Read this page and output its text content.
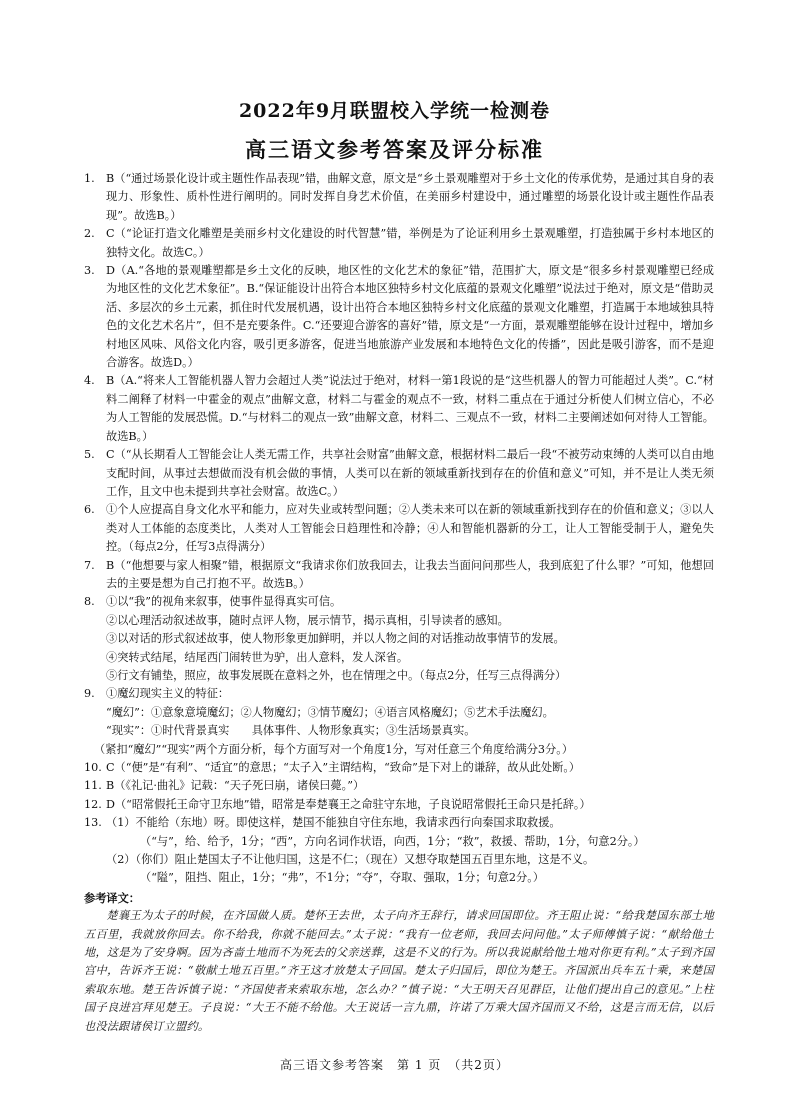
2022年9月联盟校入学统一检测卷
高三语文参考答案及评分标准
1.	B（“通过场景化设计或主题性作品表现”错，曲解文意，原文是“乡土景观雕塑对于乡土文化的传承优势，是通过其自身的表现力、形象性、质朴性进行阐明的。同时发挥自身艺术价值，在美丽乡村建设中，通过雕塑的场景化设计或主题性作品表现”。故选B。）
2.	C（“论证打造文化雕塑是美丽乡村文化建设的时代智慧”错，举例是为了论证利用乡土景观雕塑，打造独属于乡村本地区的独特文化。故选C。）
3.	D（A.“各地的景观雕塑都是乡土文化的反映，地区性的文化艺术的象征”错，范围扩大，原文是“很多乡村景观雕塑已经成为地区性的文化艺术象征”。B.“保证能设计出符合本地区独特乡村文化底蕴的景观文化雕塑”说法过于绝对，原文是“借助灵活、多层次的乡土元素，抓住时代发展机遇，设计出符合本地区独特乡村文化底蕴的景观文化雕塑，打造属于本地域独具特色的文化艺术名片”，但不是充要条件。C.“还要迎合游客的喜好”错，原文是“一方面，景观雕塑能够在设计过程中，增加乡村地区风味、风俗文化内容，吸引更多游客，促进当地旅游产业发展和本地特色文化的传播”，因此是吸引游客，而不是迎合游客。故选D。）
4.	B（A.“将来人工智能机器人智力会超过人类”说法过于绝对，材料一第1段说的是“这些机器人的智力可能超过人类”。C.“材料二阐释了材料一中霍金的观点”曲解文意，材料二与霍金的观点不一致，材料二重点在于通过分析使人们树立信心，不必为人工智能的发展恐慌。D.“与材料二的观点一致”曲解文意，材料二、三观点不一致，材料二主要阐述如何对待人工智能。故选B。）
5.	C（“从长期看人工智能会让人类无需工作，共享社会财富”曲解文意，根据材料二最后一段“不被劳动束缚的人类可以自由地支配时间，从事过去想做而没有机会做的事情，人类可以在新的领域重新找到存在的价值和意义”可知，并不是让人类无须工作，且文中也未提到共享社会财富。故选C。）
6.	①个人应提高自身文化水平和能力，应对失业或转型问题；②人类未来可以在新的领域重新找到存在的价值和意义；③以人类对人工体能的态度类比，人类对人工智能会日趋理性和冷静；④人和智能机器新的分工，让人工智能受制于人，避免失控。（每点2分，任写3点得满分）
7.	B（“他想要与家人相聚”错，根据原文“我请求你们放我回去，让我去当面问问那些人，我到底犯了什么罪？”可知，他想回去的主要是想为自己打抱不平。故选B。）
8.	①以“我”的视角来叙事，使事件显得真实可信。
②以心理活动叙述故事，随时点评人物，展示情节，揭示真相，引导读者的感知。
③以对话的形式叙述故事，使人物形象更加鲜明，并以人物之间的对话推动故事情节的发展。
④突转式结尾，结尾西门闹转世为驴，出人意料，发人深省。
⑤行文有铺垫，照应，故事发展既在意料之外，也在情理之中。（每点2分，任写三点得满分）
9.	①魔幻现实主义的特征：
“魔幻”：①意象意境魔幻；②人物魔幻；③情节魔幻；④语言风格魔幻；⑤艺术手法魔幻。
“现实”：①时代背景真实　　具体事件、人物形象真实；③生活场景真实。
（紧扣“魔幻”“现实”两个方面分析，每个方面写对一个角度1分，写对任意三个角度给满分3分。）
10. C（“便”是“有利”、“适宜”的意思；“太子入”主谓结构，“致命”是下对上的谦辞，故从此处断。）
11. B（《礼记·曲礼》记载：“天子死曰崩，诸侯曰薨。”）
12. D（“昭常假托王命守卫东地”错，昭常是奉楚襄王之命驻守东地，子良说昭常假托王命只是托辞。）
13. （1）不能给（东地）呀。即使这样，楚国不能独自守住东地，我请求西行向秦国求取救援。
（“与”，给、给予，1分；“西”，方向名词作状语，向西，1分；“救”，救援、帮助，1分，句意2分。）
（2）（你们）阻止楚国太子不让他归国，这是不仁；（现在）又想夺取楚国五百里东地，这是不义。
（“隘”，阻挡、阻止，1分；“弗”，不1分；“夺”，夺取、强取，1分；句意2分。）
参考译文：
楚襄王为太子的时候，在齐国做人质。楚怀王去世，太子向齐王辞行，请求回国即位。齐王阻止说：“给我楚国东部土地五百里，我就放你回去。你不给我，你就不能回去。”太子说：“我有一位老师，我回去问问他。”太子师傅慎子说：“献给他土地，这是为了安身啊。因为吝啬土地而不为死去的父亲送葬，这是不义的行为。所以我说献给他土地对你更有利。”太子到齐国宫中，告诉齐王说：“敬献土地五百里。”齐王这才放楚太子回国。楚太子归国后，即位为楚王。齐国派出兵车五十乘，来楚国索取东地。楚王告诉慎子说：“齐国使者来索取东地，怎么办？”慎子说：“大王明天召见群臣，让他们提出自己的意见。”上柱国子良进宫拜见楚王。子良说：“大王不能不给他。大王说话一言九鼎，许诺了万乘大国齐国而又不给，这是言而无信，以后也没法跟诸侯订立盟约。
高三语文参考答案　第 1 页　（共2页）
